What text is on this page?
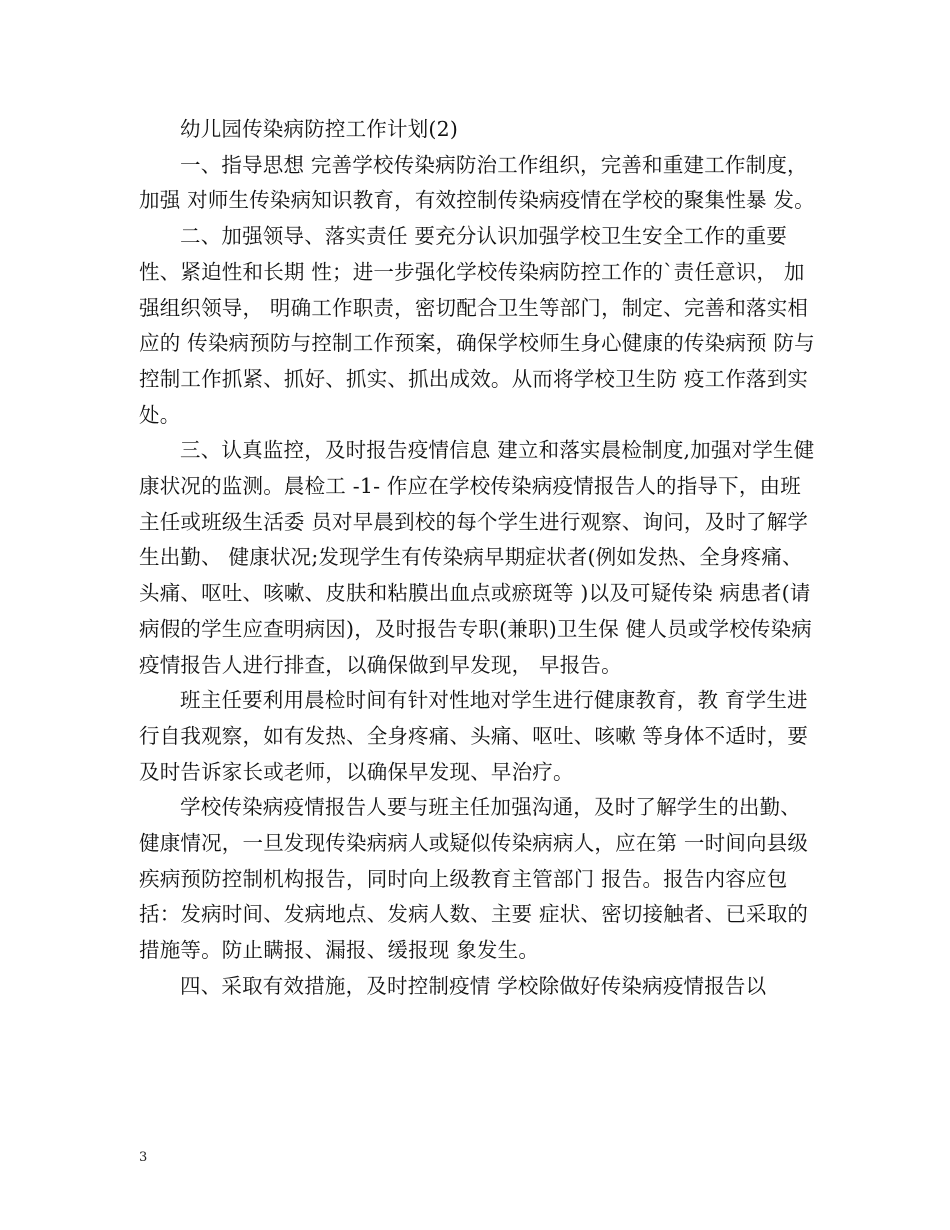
幼儿园传染病防控工作计划(2)

一、指导思想 完善学校传染病防治工作组织，完善和重建工作制度，加强 对师生传染病知识教育，有效控制传染病疫情在学校的聚集性暴 发。

二、加强领导、落实责任 要充分认识加强学校卫生安全工作的重要性、紧迫性和长期 性；进一步强化学校传染病防控工作的`责任意识， 加强组织领导， 明确工作职责，密切配合卫生等部门，制定、完善和落实相应的 传染病预防与控制工作预案，确保学校师生身心健康的传染病预 防与控制工作抓紧、抓好、抓实、抓出成效。从而将学校卫生防 疫工作落到实处。

三、认真监控，及时报告疫情信息 建立和落实晨检制度,加强对学生健康状况的监测。晨检工 -1- 作应在学校传染病疫情报告人的指导下，由班主任或班级生活委 员对早晨到校的每个学生进行观察、询问，及时了解学生出勤、 健康状况;发现学生有传染病早期症状者(例如发热、全身疼痛、 头痛、呕吐、咳嗽、皮肤和粘膜出血点或瘀斑等 )以及可疑传染 病患者(请病假的学生应查明病因)，及时报告专职(兼职)卫生保 健人员或学校传染病疫情报告人进行排查，以确保做到早发现， 早报告。

班主任要利用晨检时间有针对性地对学生进行健康教育，教 育学生进行自我观察，如有发热、全身疼痛、头痛、呕吐、咳嗽 等身体不适时，要及时告诉家长或老师，以确保早发现、早治疗。

学校传染病疫情报告人要与班主任加强沟通，及时了解学生的出勤、健康情况，一旦发现传染病病人或疑似传染病病人，应在第 一时间向县级疾病预防控制机构报告，同时向上级教育主管部门 报告。报告内容应包括：发病时间、发病地点、发病人数、主要 症状、密切接触者、已采取的措施等。防止瞒报、漏报、缓报现 象发生。

四、采取有效措施，及时控制疫情 学校除做好传染病疫情报告以

3
